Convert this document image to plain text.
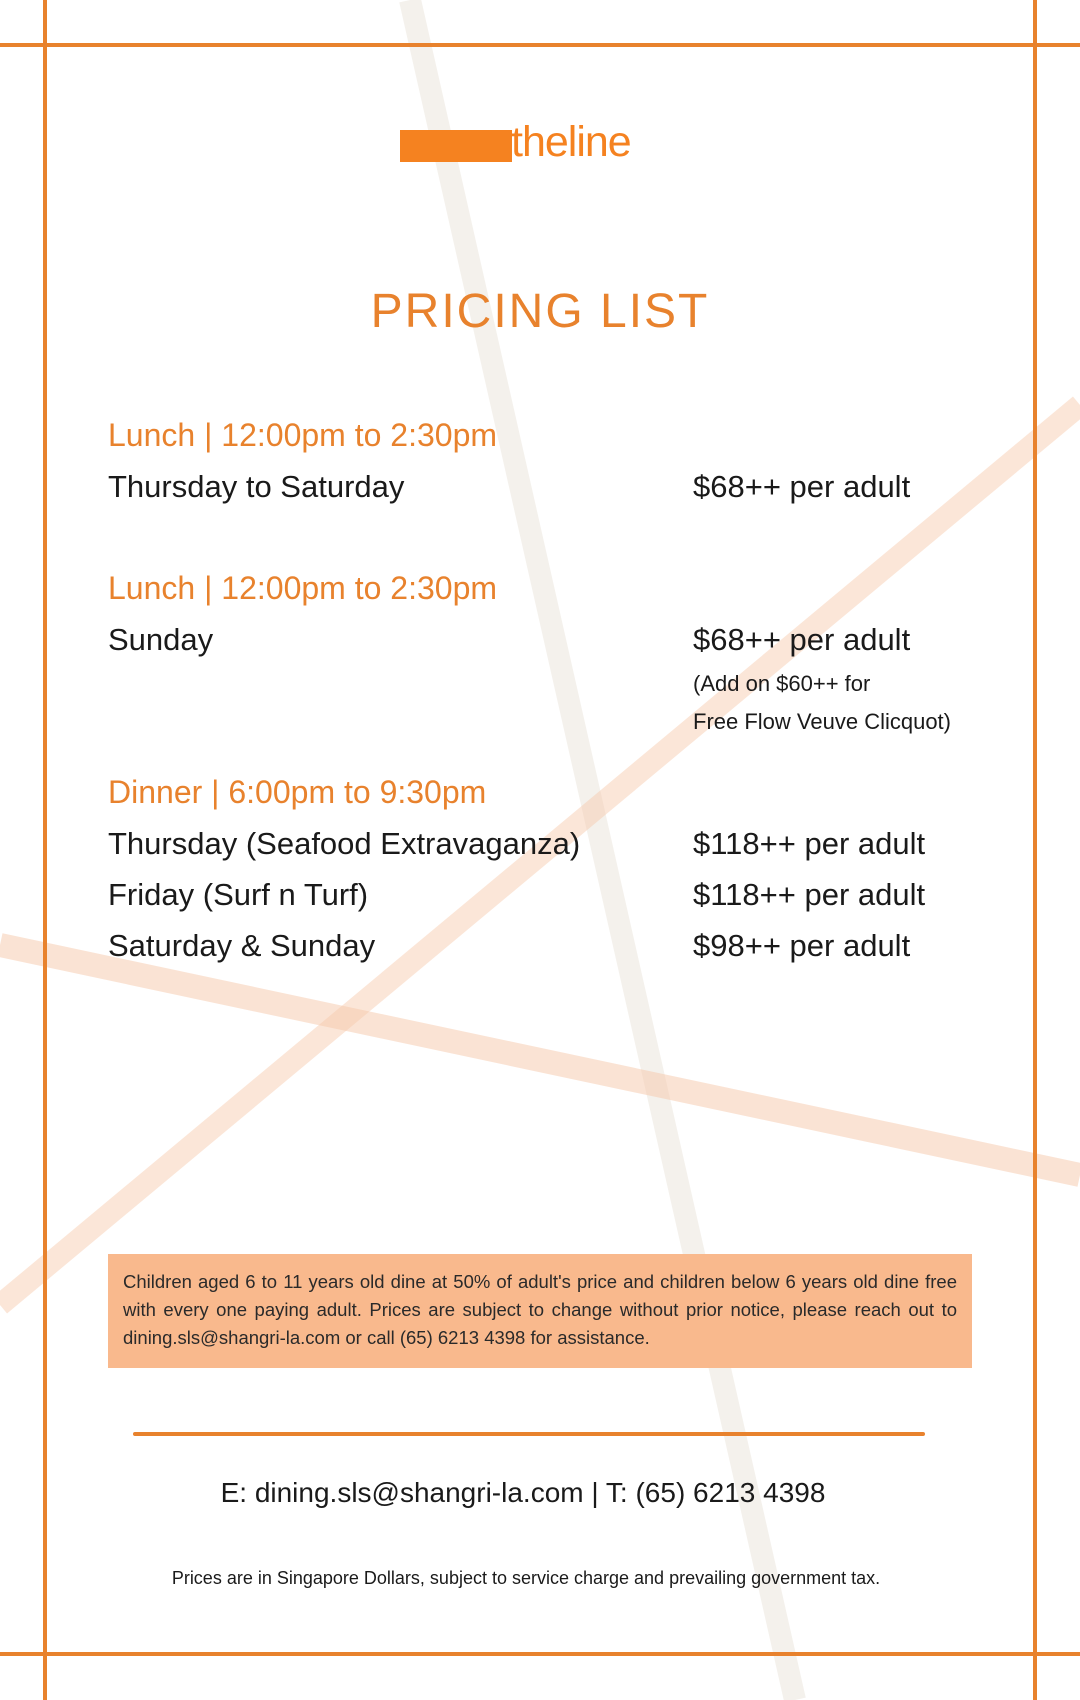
theline
PRICING LIST
Lunch | 12:00pm to 2:30pm
Thursday to Saturday	$68++ per adult
Lunch | 12:00pm to 2:30pm
Sunday	$68++ per adult
(Add on $60++ for
Free Flow Veuve Clicquot)
Dinner | 6:00pm to 9:30pm
Thursday (Seafood Extravaganza)	$118++ per adult
Friday (Surf n Turf)	$118++ per adult
Saturday & Sunday	$98++ per adult
Children aged 6 to 11 years old dine at 50% of adult's price and children below 6 years old dine free with every one paying adult. Prices are subject to change without prior notice, please reach out to dining.sls@shangri-la.com or call (65) 6213 4398 for assistance.
E: dining.sls@shangri-la.com | T: (65) 6213 4398
Prices are in Singapore Dollars, subject to service charge and prevailing government tax.
